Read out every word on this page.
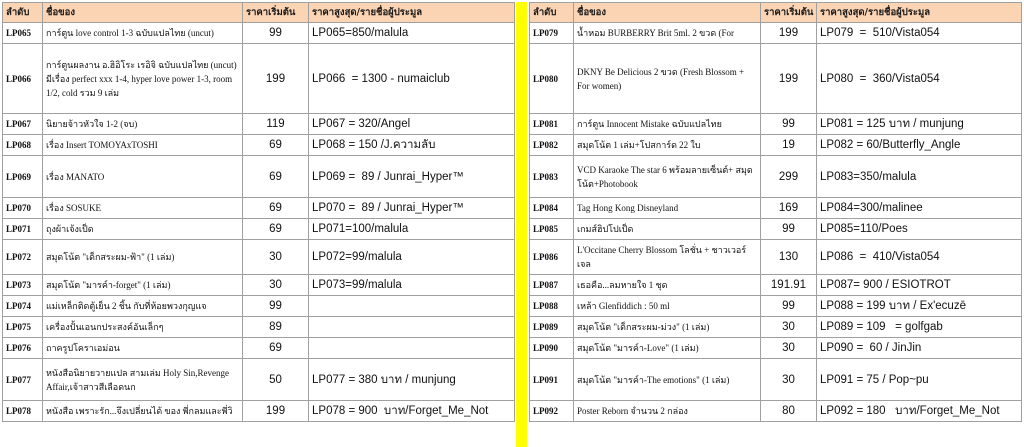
ลำดับ	ชื่อของ	ราคาเริ่มต้น	ราคาสูงสุด/รายชื่อผู้ประมูล
LP065	การ์ตูน love control 1-3 ฉบับแปลไทย (uncut)	99	LP065=850/malula
LP066	การ์ตูนผลงาน อ.ฮิอิโระ เรอิจิ ฉบับแปลไทย (uncut) มีเรื่อง perfect xxx 1-4, hyper love power 1-3, room 1/2, cold รวม 9 เล่ม	199	LP066  = 1300 - numaiclub
LP067	นิยายจ้าวหัวใจ 1-2 (จบ)	119	LP067 = 320/Angel
LP068	เรื่อง Insert TOMOYAxTOSHI	69	LP068 = 150 /J.ความลับ
LP069	เรื่อง MANATO	69	LP069 =  89 / Junrai_Hyper™
LP070	เรื่อง SOSUKE	69	LP070 =  89 / Junrai_Hyper™
LP071	ถุงผ้าเจ้งเป็ด	69	LP071=100/malula
LP072	สมุดโน้ต "เด็กสระผม-ฟ้า" (1 เล่ม)	30	LP072=99/malula
LP073	สมุดโน้ต "มารค์า-forget" (1 เล่ม)	30	LP073=99/malula
LP074	แม่เหล็กติดตู้เย็น 2 ชิ้น กับที่ห้อยพวงกุญแจ	99	
LP075	เครื่องปั้นเอนกประสงค์อันเล็กๆ	89	
LP076	ถาครูปโคราเอม่อน	69	
LP077	หนังสือนิยายวายแปล สามเล่ม Holy Sin,Revenge Affair,เจ้าสาวสีเลือดนก	50	LP077 = 380 บาท / munjung
LP078	หนังสือ เพราะรัก...จึงเปลี่ยนได้ ของ พี่กลมและพี่วิ	199	LP078 = 900  บาท/Forget_Me_Not
ลำดับ	ชื่อของ	ราคาเริ่มต้น	ราคาสูงสุด/รายชื่อผู้ประมูล
LP079	น้ำหอม BURBERRY Brit 5ml. 2 ขวด (For	199	LP079  =  510/Vista054
LP080	DKNY Be Delicious 2 ขวด (Fresh Blossom + For women)	199	LP080  =  360/Vista054
LP081	การ์ตูน Innocent Mistake ฉบับแปลไทย	99	LP081 = 125 บาท / munjung
LP082	สมุดโน้ต 1 เล่ม+โปสการ์ด 22 ใบ	19	LP082 = 60/Butterfly_Angle
LP083	VCD Karaoke The star 6 พร้อมลายเซ็นต์+ สมุดโน้ต+Photobook	299	LP083=350/malula
LP084	Tag Hong Kong Disneyland	169	LP084=300/malinee
LP085	เกมส์ฮิปโปเป็ด	99	LP085=110/Poes
LP086	L'Occitane Cherry Blossom โลชั่น + ชาวเวอร์ เจล	130	LP086  =  410/Vista054
LP087	เธอคือ...ลมหายใจ 1 ชุด	191.91	LP087= 900 / ESIOTROT
LP088	เหล้า Glenfiddich : 50 ml	99	LP088 = 199 บาท / Ex'ecuzē
LP089	สมุดโน้ต "เด็กสระผม-ม่วง" (1 เล่ม)	30	LP089 = 109   = golfgab
LP090	สมุดโน้ต "มารค์า-Love" (1 เล่ม)	30	LP090 =  60 / JinJin
LP091	สมุดโน้ต "มารค์า-The emotions" (1 เล่ม)	30	LP091 = 75 / Pop~pu
LP092	Poster Reborn จำนวน 2 กล่อง	80	LP092 = 180   บาท/Forget_Me_Not
